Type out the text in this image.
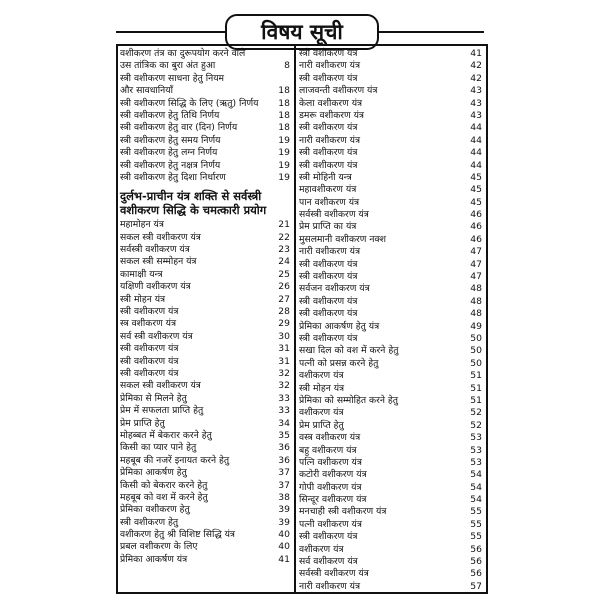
विषय सूची
वशीकरण तंत्र का दुरूपयोग करने वाले
उस तांत्रिक का बुरा अंत हुआ	8
स्त्री वशीकरण साधना हेतु नियम
और सावधानियाँ	18
स्त्री वशीकरण सिद्धि के लिए (ऋतु) निर्णय 18
स्त्री वशीकरण हेतु तिथि निर्णय	18
स्त्री वशीकरण हेतु वार (दिन) निर्णय	18
स्त्री वशीकरण हेतु समय निर्णय	19
स्त्री वशीकरण हेतु लग्न निर्णय	19
स्त्री वशीकरण हेतु नक्षत्र निर्णय	19
स्त्री वशीकरण हेतु दिशा निर्धारण	19
दुर्लभ-प्राचीन यंत्र शक्ति से सर्वस्त्री
वशीकरण सिद्धि के चमत्कारी प्रयोग
महामोहन यंत्र	21
सकल स्त्री वशीकरण यंत्र	22
सर्वस्त्री वशीकरण यंत्र	23
सकल स्त्री सम्मोहन यंत्र	24
कामाक्षी यन्त्र	25
यक्षिणी वशीकरण यंत्र	26
स्त्री मोहन यंत्र	27
स्त्री वशीकरण यंत्र	28
स्त्र वशीकरण यंत्र	29
सर्व स्त्री वशीकरण यंत्र	30
स्त्री वशीकरण यंत्र	31
स्त्री वशीकरण यंत्र	31
स्त्री वशीकरण यंत्र	32
सकल स्त्री वशीकरण यंत्र	32
प्रेमिका से मिलने हेतु	33
प्रेम में सफलता प्राप्ति हेतु	33
प्रेम प्राप्ति हेतु	34
मोहब्बत में बेकरार करने हेतु	35
किसी का प्यार पाने हेतु	36
महबूब की नजरें इनायत करने हेतु	36
प्रेमिका आकर्षण हेतु	37
किसी को बेकरार करने हेतु	37
महबूब को वश में करने हेतु	38
प्रेमिका वशीकरण हेतु	39
स्त्री वशीकरण हेतु	39
वशीकरण हेतु श्री विशिष्ट सिद्धि यंत्र	40
प्रबल वशीकरण के लिए	40
प्रेमिका आकर्षण यंत्र	41
स्त्री वशीकरण यंत्र	41
नारी वशीकरण यंत्र	42
स्त्री वशीकरण यंत्र	42
लाजवन्ती वशीकरण यंत्र	43
केला वशीकरण यंत्र	43
डमरू वशीकरण यंत्र	43
स्त्री वशीकरण यंत्र	44
नारी वशीकरण यंत्र	44
स्त्री वशीकरण यंत्र	44
स्त्री वशीकरण यंत्र	44
स्त्री मोहिनी यन्त्र	45
महावशीकरण यंत्र	45
पान वशीकरण यंत्र	45
सर्वस्त्री वशीकरण यंत्र	46
प्रेम प्राप्ति का यंत्र	46
मुसलमानी वशीकरण नक्श	46
नारी वशीकरण यंत्र	47
स्त्री वशीकरण यंत्र	47
स्त्री वशीकरण यंत्र	47
सर्वजन वशीकरण यंत्र	48
स्त्री वशीकरण यंत्र	48
स्त्री वशीकरण यंत्र	48
प्रेमिका आकर्षण हेतु यंत्र	49
स्त्री वशीकरण यंत्र	50
सखा दिल को वश में करने हेतु	50
पत्नी को प्रसन्न करने हेतु	50
वशीकरण यंत्र	51
स्त्री मोहन यंत्र	51
प्रेमिका को सम्मोहित करने हेतु	51
वशीकरण यंत्र	52
प्रेम प्राप्ति हेतु	52
वस्त्र वशीकरण यंत्र	53
बहु वशीकरण यंत्र	53
पत्नि वशीकरण यंत्र	53
कटोरी वशीकरण यंत्र	54
गोपी वशीकरण यंत्र	54
सिन्दूर वशीकरण यंत्र	54
मनचाही स्त्री वशीकरण यंत्र	55
पत्नी वशीकरण यंत्र	55
स्त्री वशीकरण यंत्र	55
वशीकरण यंत्र	56
सर्व वशीकरण यंत्र	56
सर्वस्त्री वशीकरण यंत्र	56
नारी वशीकरण यंत्र	57
